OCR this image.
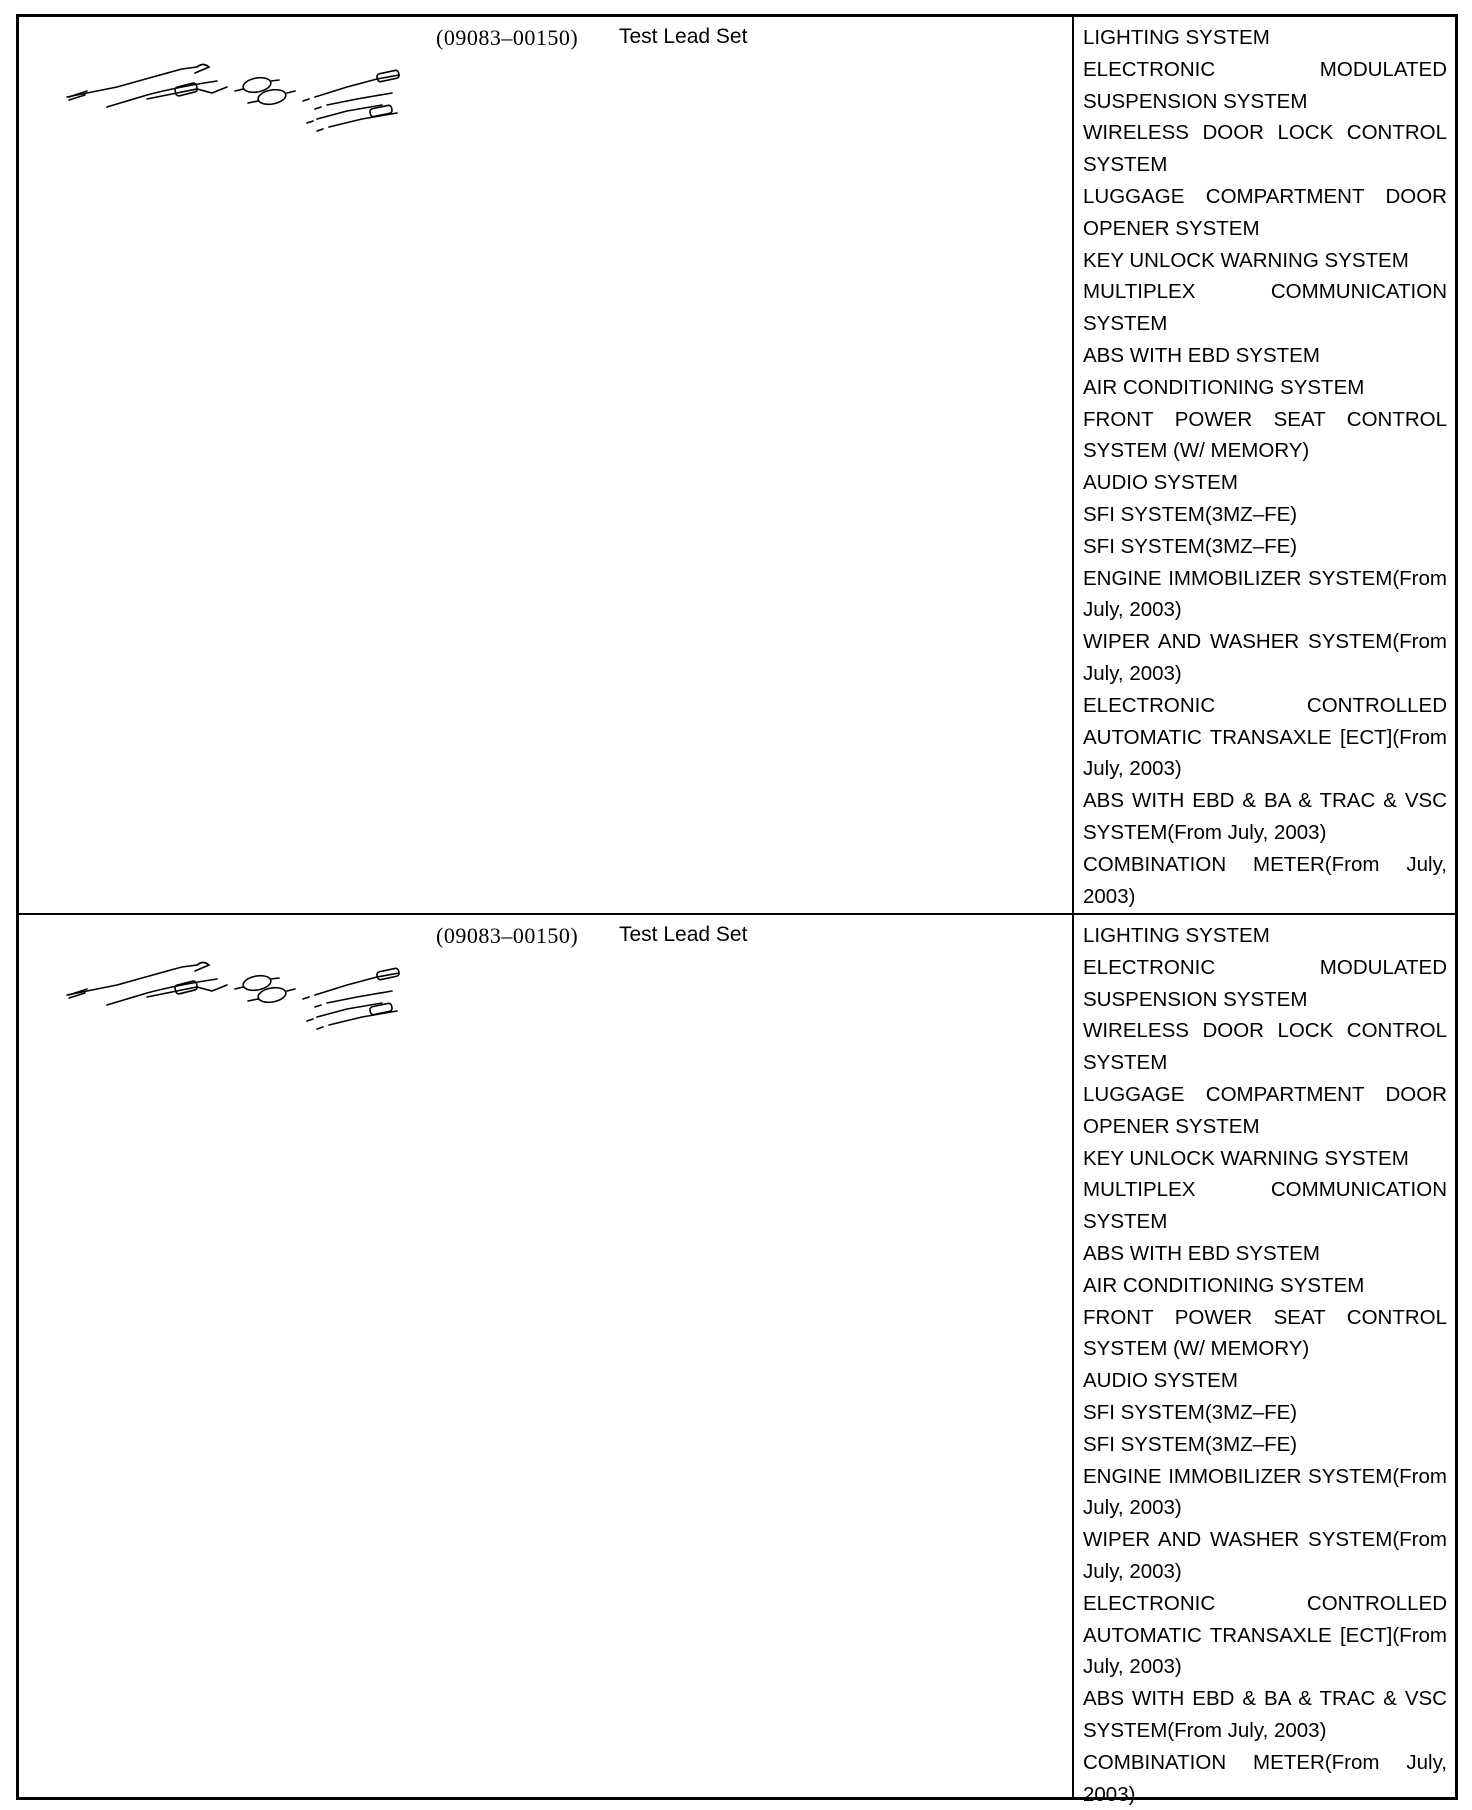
(09083–00150) Test Lead Set	LIGHTING SYSTEM
ELECTRONIC MODULATED SUSPENSION SYSTEM
WIRELESS DOOR LOCK CONTROL SYSTEM
LUGGAGE COMPARTMENT DOOR OPENER SYSTEM
KEY UNLOCK WARNING SYSTEM
MULTIPLEX COMMUNICATION SYSTEM
ABS WITH EBD SYSTEM
AIR CONDITIONING SYSTEM
FRONT POWER SEAT CONTROL SYSTEM (W/ MEMORY)
AUDIO SYSTEM
SFI SYSTEM(3MZ–FE)
SFI SYSTEM(3MZ–FE)
ENGINE IMMOBILIZER SYSTEM(From July, 2003)
WIPER AND WASHER SYSTEM(From July, 2003)
ELECTRONIC CONTROLLED AUTOMATIC TRANSAXLE [ECT](From July, 2003)
ABS WITH EBD & BA & TRAC & VSC SYSTEM(From July, 2003)
COMBINATION METER(From July, 2003)
(09083–00150) Test Lead Set	LIGHTING SYSTEM
ELECTRONIC MODULATED SUSPENSION SYSTEM
WIRELESS DOOR LOCK CONTROL SYSTEM
LUGGAGE COMPARTMENT DOOR OPENER SYSTEM
KEY UNLOCK WARNING SYSTEM
MULTIPLEX COMMUNICATION SYSTEM
ABS WITH EBD SYSTEM
AIR CONDITIONING SYSTEM
FRONT POWER SEAT CONTROL SYSTEM (W/ MEMORY)
AUDIO SYSTEM
SFI SYSTEM(3MZ–FE)
SFI SYSTEM(3MZ–FE)
ENGINE IMMOBILIZER SYSTEM(From July, 2003)
WIPER AND WASHER SYSTEM(From July, 2003)
ELECTRONIC CONTROLLED AUTOMATIC TRANSAXLE [ECT](From July, 2003)
ABS WITH EBD & BA & TRAC & VSC SYSTEM(From July, 2003)
COMBINATION METER(From July, 2003)
